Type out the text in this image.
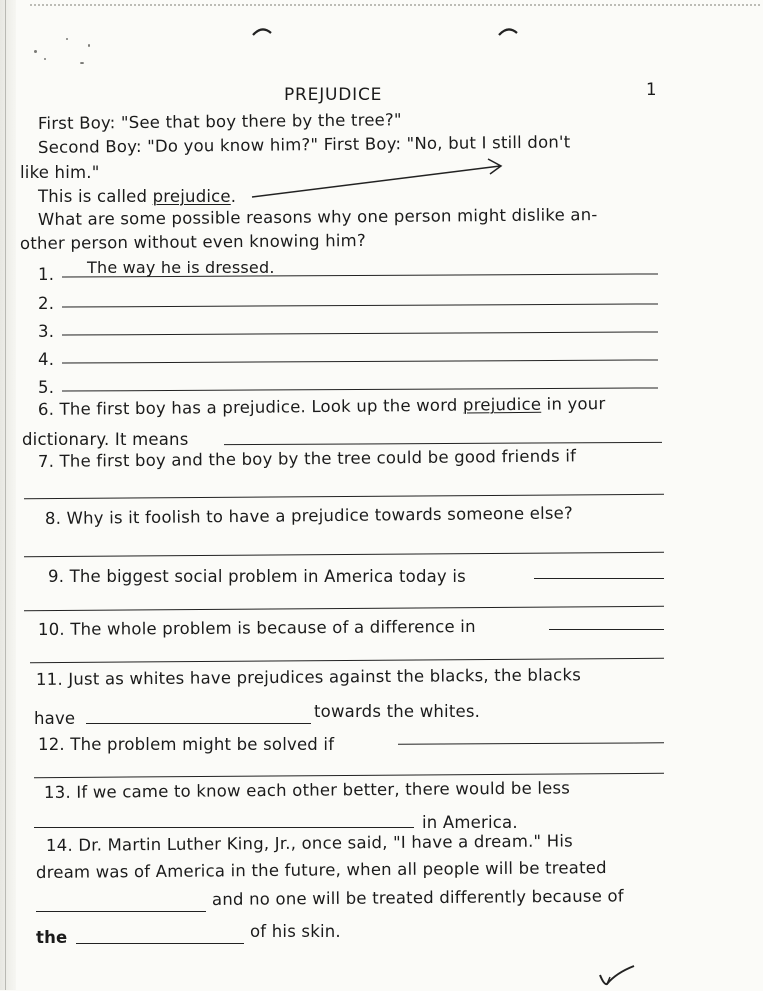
PREJUDICE	1
First Boy: "See that boy there by the tree?"
Second Boy: "Do you know him?" First Boy: "No, but I still don't
like him."
This is called prejudice.
What are some possible reasons why one person might dislike an-
other person without even knowing him?
1. The way he is dressed.
2.
3.
4.
5.
6. The first boy has a prejudice. Look up the word prejudice in your
dictionary. It means
7. The first boy and the boy by the tree could be good friends if
8. Why is it foolish to have a prejudice towards someone else?
9. The biggest social problem in America today is
10. The whole problem is because of a difference in
11. Just as whites have prejudices against the blacks, the blacks
have	towards the whites.
12. The problem might be solved if
13. If we came to know each other better, there would be less
in America.
14. Dr. Martin Luther King, Jr., once said, "I have a dream." His
dream was of America in the future, when all people will be treated
and no one will be treated differently because of
the	of his skin.
